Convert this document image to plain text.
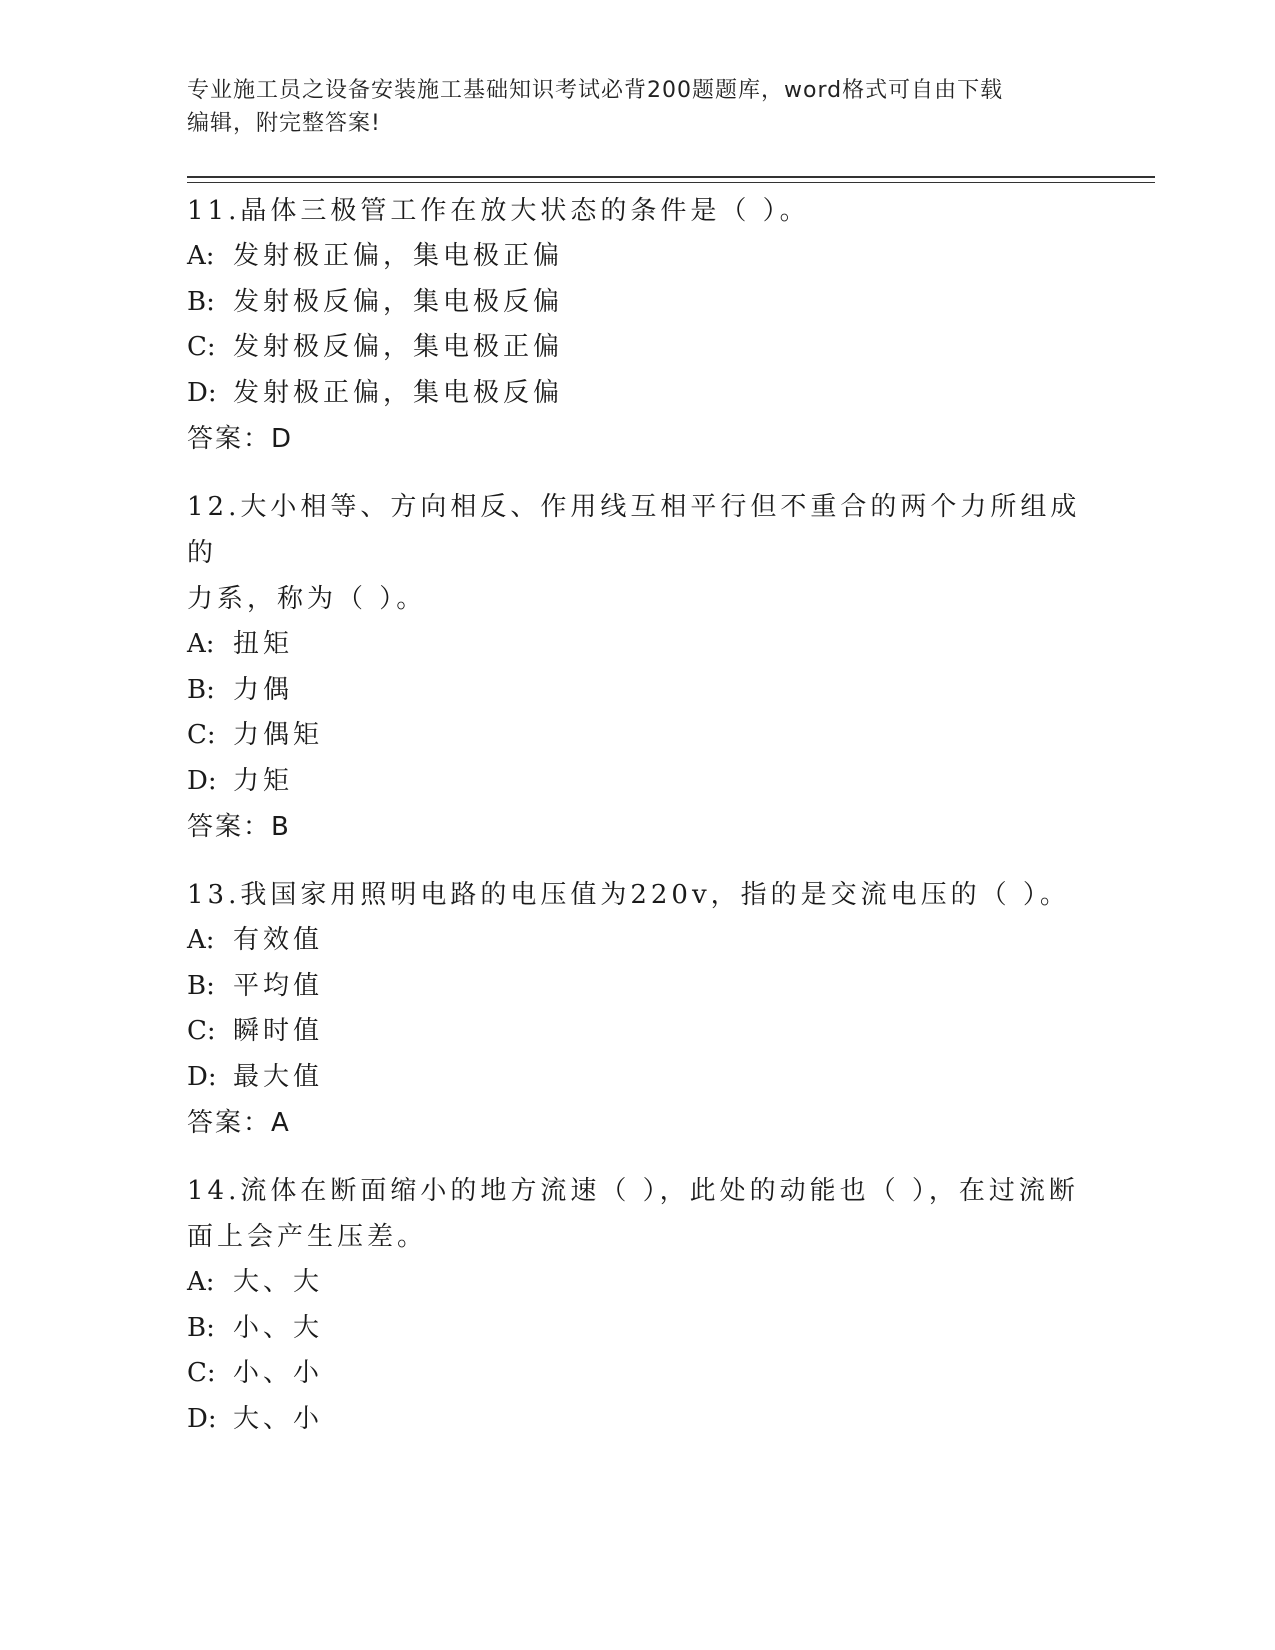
专业施工员之设备安装施工基础知识考试必背200题题库，word格式可自由下载
编辑，附完整答案!
11.晶体三极管工作在放大状态的条件是（ ）。
A: 发射极正偏，集电极正偏
B: 发射极反偏，集电极反偏
C: 发射极反偏，集电极正偏
D: 发射极正偏，集电极反偏
答案：D
12.大小相等、方向相反、作用线互相平行但不重合的两个力所组成的
力系，称为（ ）。
A: 扭矩
B: 力偶
C: 力偶矩
D: 力矩
答案：B
13.我国家用照明电路的电压值为220v，指的是交流电压的（ ）。
A: 有效值
B: 平均值
C: 瞬时值
D: 最大值
答案：A
14.流体在断面缩小的地方流速（ ），此处的动能也（ ），在过流断
面上会产生压差。
A: 大、大
B: 小、大
C: 小、小
D: 大、小
